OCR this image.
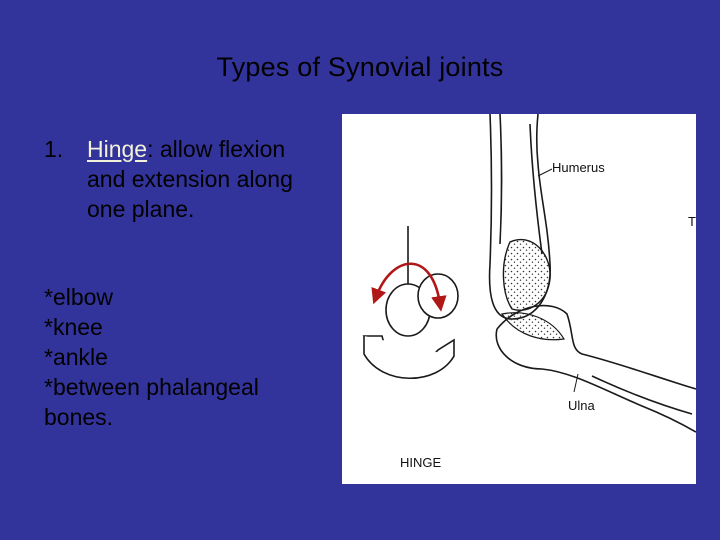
Types of Synovial joints
1. Hinge: allow flexion
and extension along
one plane.
*elbow
*knee
*ankle
*between phalangeal
bones.
Humerus
Ulna
HINGE
T
